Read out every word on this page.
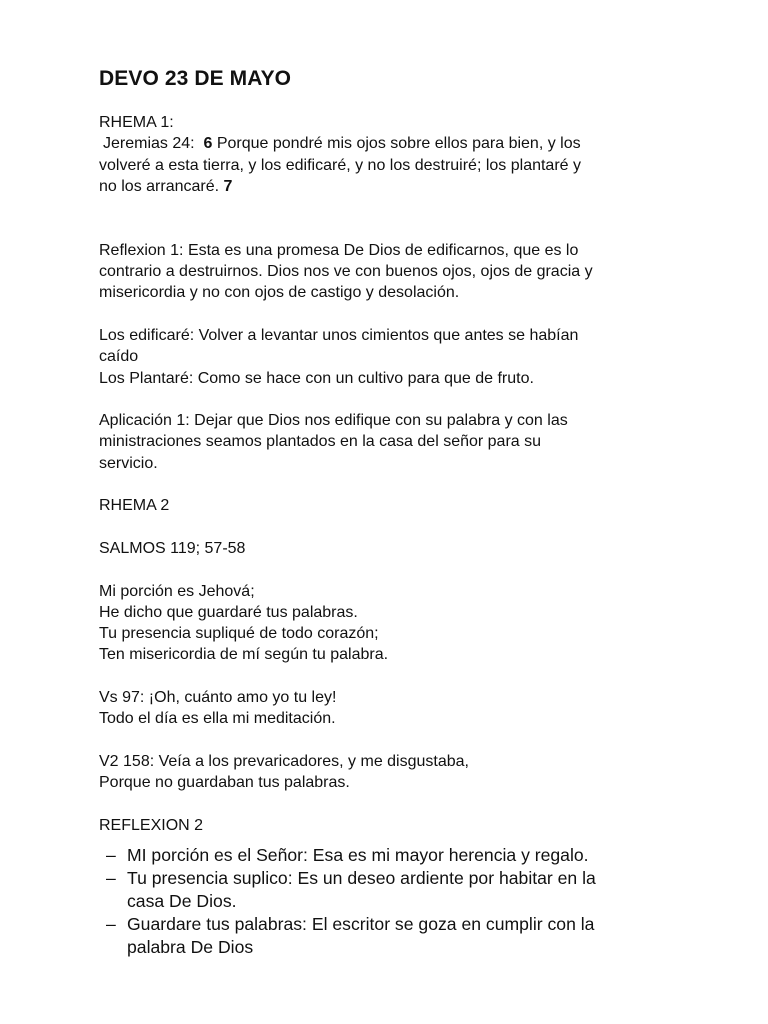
DEVO 23 DE MAYO
RHEMA 1:
Jeremias 24: 6 Porque pondré mis ojos sobre ellos para bien, y los
volveré a esta tierra, y los edificaré, y no los destruiré; los plantaré y
no los arrancaré. 7
Reflexion 1: Esta es una promesa De Dios de edificarnos, que es lo
contrario a destruirnos. Dios nos ve con buenos ojos, ojos de gracia y
misericordia y no con ojos de castigo y desolación.
Los edificaré: Volver a levantar unos cimientos que antes se habían
caído
Los Plantaré: Como se hace con un cultivo para que de fruto.
Aplicación 1: Dejar que Dios nos edifique con su palabra y con las
ministraciones seamos plantados en la casa del señor para su
servicio.
RHEMA 2
SALMOS 119; 57-58
Mi porción es Jehová;
He dicho que guardaré tus palabras.
Tu presencia supliqué de todo corazón;
Ten misericordia de mí según tu palabra.
Vs 97: ¡Oh, cuánto amo yo tu ley!
Todo el día es ella mi meditación.
V2 158: Veía a los prevaricadores, y me disgustaba,
Porque no guardaban tus palabras.
REFLEXION 2
– MI porción es el Señor: Esa es mi mayor herencia y regalo.
– Tu presencia suplico: Es un deseo ardiente por habitar en la
casa De Dios.
– Guardare tus palabras: El escritor se goza en cumplir con la
palabra De Dios
